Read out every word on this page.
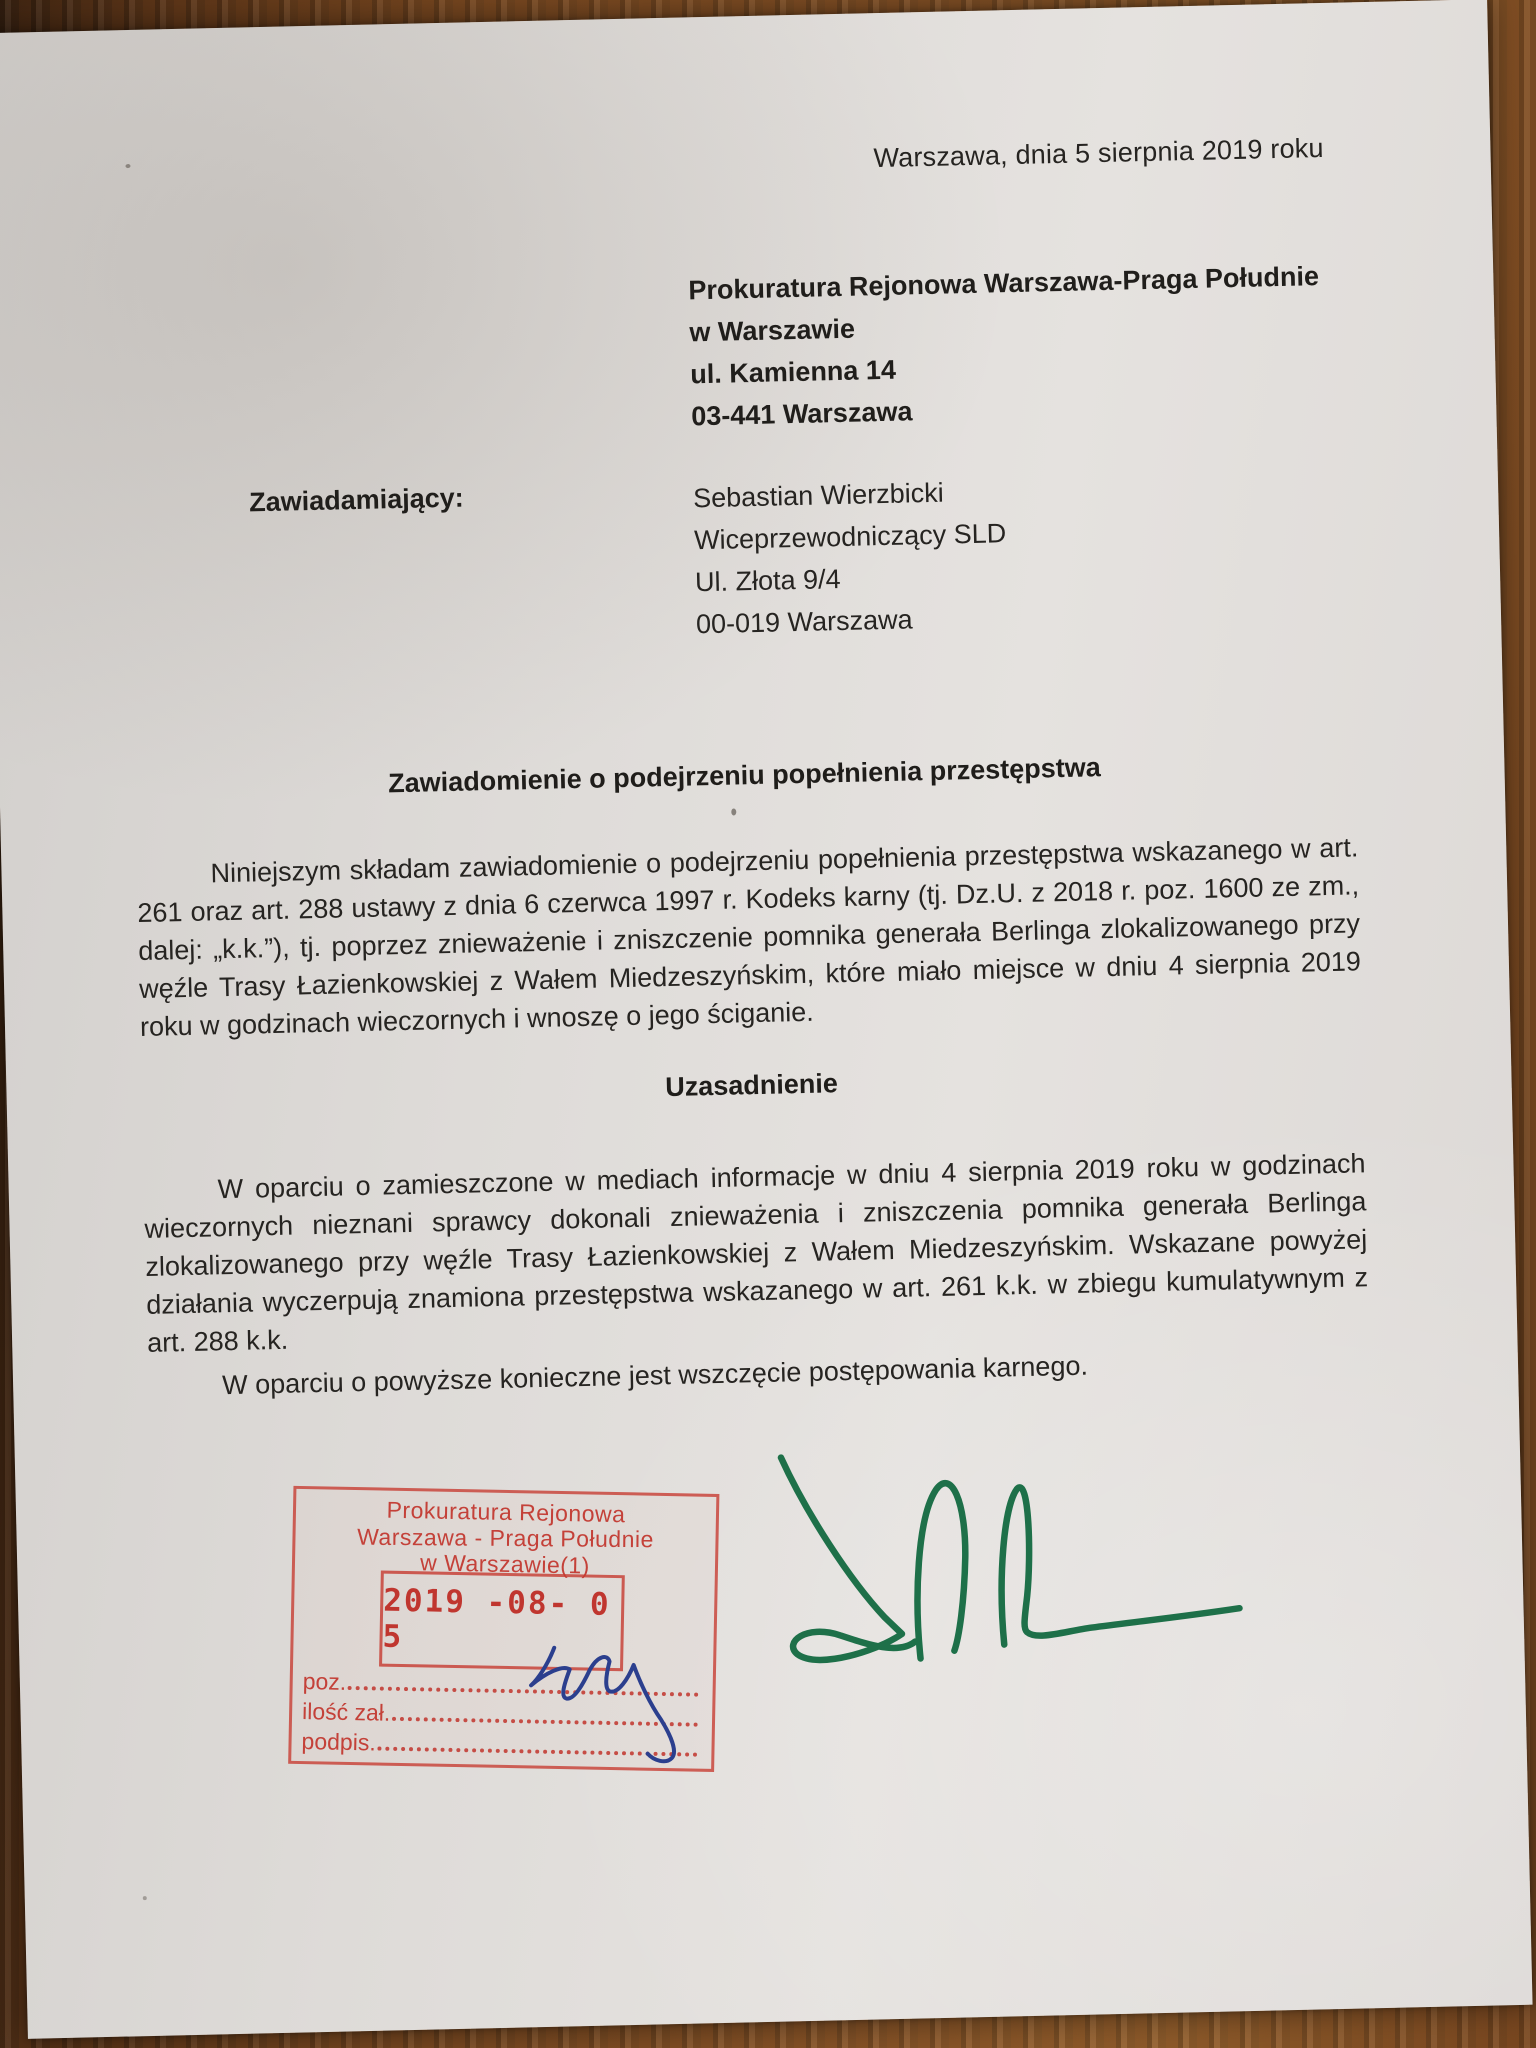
Warszawa, dnia 5 sierpnia 2019 roku
Prokuratura Rejonowa Warszawa-Praga Południe
w Warszawie
ul. Kamienna 14
03-441 Warszawa
Zawiadamiający:	Sebastian Wierzbicki
Wiceprzewodniczący SLD
Ul. Złota 9/4
00-019 Warszawa
Zawiadomienie o podejrzeniu popełnienia przestępstwa

Niniejszym składam zawiadomienie o podejrzeniu popełnienia przestępstwa wskazanego w art. 261 oraz art. 288 ustawy z dnia 6 czerwca 1997 r. Kodeks karny (tj. Dz.U. z 2018 r. poz. 1600 ze zm., dalej: „k.k.”), tj. poprzez znieważenie i zniszczenie pomnika generała Berlinga zlokalizowanego przy węźle Trasy Łazienkowskiej z Wałem Miedzeszyńskim, które miało miejsce w dniu 4 sierpnia 2019 roku w godzinach wieczornych i wnoszę o jego ściganie.

Uzasadnienie

W oparciu o zamieszczone w mediach informacje w dniu 4 sierpnia 2019 roku w godzinach wieczornych nieznani sprawcy dokonali znieważenia i zniszczenia pomnika generała Berlinga zlokalizowanego przy węźle Trasy Łazienkowskiej z Wałem Miedzeszyńskim. Wskazane powyżej działania wyczerpują znamiona przestępstwa wskazanego w art. 261 k.k. w zbiegu kumulatywnym z art. 288 k.k.

W oparciu o powyższe konieczne jest wszczęcie postępowania karnego.

Prokuratura Rejonowa
Warszawa - Praga Południe
w Warszawie(1)
2019 -08- 0 5
poz.
ilość zał.
podpis.
